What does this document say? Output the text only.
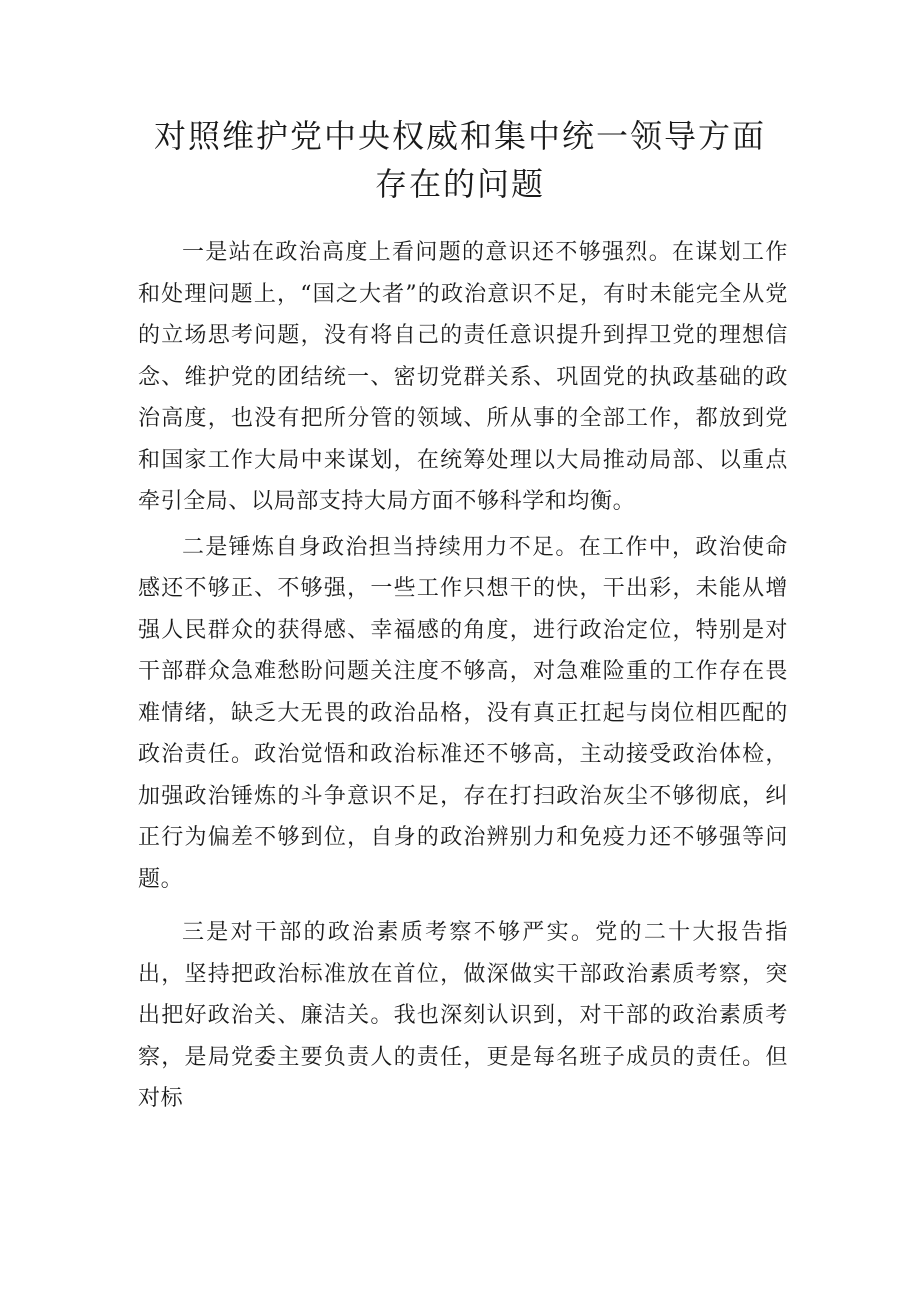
对照维护党中央权威和集中统一领导方面
存在的问题

一是站在政治高度上看问题的意识还不够强烈。在谋划工作和处理问题上，“国之大者”的政治意识不足，有时未能完全从党的立场思考问题，没有将自己的责任意识提升到捍卫党的理想信念、维护党的团结统一、密切党群关系、巩固党的执政基础的政治高度，也没有把所分管的领域、所从事的全部工作，都放到党和国家工作大局中来谋划，在统筹处理以大局推动局部、以重点牵引全局、以局部支持大局方面不够科学和均衡。

二是锤炼自身政治担当持续用力不足。在工作中，政治使命感还不够正、不够强，一些工作只想干的快，干出彩，未能从增强人民群众的获得感、幸福感的角度，进行政治定位，特别是对干部群众急难愁盼问题关注度不够高，对急难险重的工作存在畏难情绪，缺乏大无畏的政治品格，没有真正扛起与岗位相匹配的政治责任。政治觉悟和政治标准还不够高，主动接受政治体检，加强政治锤炼的斗争意识不足，存在打扫政治灰尘不够彻底，纠正行为偏差不够到位，自身的政治辨别力和免疫力还不够强等问题。

三是对干部的政治素质考察不够严实。党的二十大报告指出，坚持把政治标准放在首位，做深做实干部政治素质考察，突出把好政治关、廉洁关。我也深刻认识到，对干部的政治素质考察，是局党委主要负责人的责任，更是每名班子成员的责任。但对标
